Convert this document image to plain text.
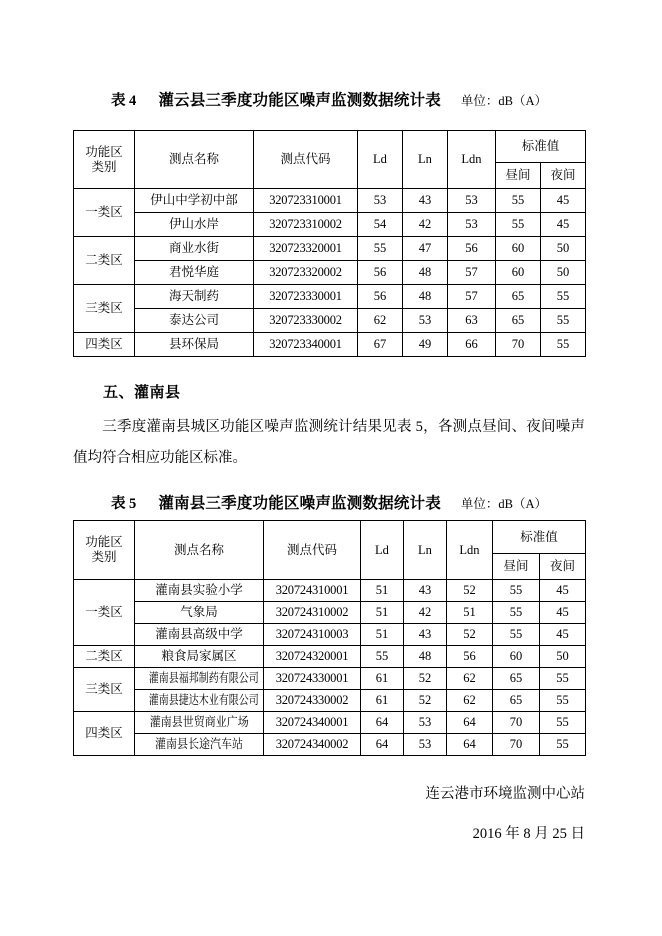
表 4 灌云县三季度功能区噪声监测数据统计表 单位：dB（A）
功能区
类别	测点名称	测点代码	Ld	Ln	Ldn	标准值	
						昼间	夜间
一类区	伊山中学初中部	320723310001	53	43	53	55	45
	伊山水岸	320723310002	54	42	53	55	45
二类区	商业水街	320723320001	55	47	56	60	50
	君悦华庭	320723320002	56	48	57	60	50
三类区	海天制药	320723330001	56	48	57	65	55
	泰达公司	320723330002	62	53	63	65	55
四类区	县环保局	320723340001	67	49	66	70	55
五、灌南县
三季度灌南县城区功能区噪声监测统计结果见表 5，各测点昼间、夜间噪声值均符合相应功能区标准。
表 5 灌南县三季度功能区噪声监测数据统计表 单位：dB（A）
功能区
类别	测点名称	测点代码	Ld	Ln	Ldn	标准值	
						昼间	夜间
一类区	灌南县实验小学	320724310001	51	43	52	55	45
	气象局	320724310002	51	42	51	55	45
	灌南县高级中学	320724310003	51	43	52	55	45
二类区	粮食局家属区	320724320001	55	48	56	60	50
三类区	灌南县福邦制药有限公司	320724330001	61	52	62	65	55
	灌南县捷达木业有限公司	320724330002	61	52	62	65	55
四类区	灌南县世贸商业广场	320724340001	64	53	64	70	55
	灌南县长途汽车站	320724340002	64	53	64	70	55
连云港市环境监测中心站
2016 年 8 月 25 日
